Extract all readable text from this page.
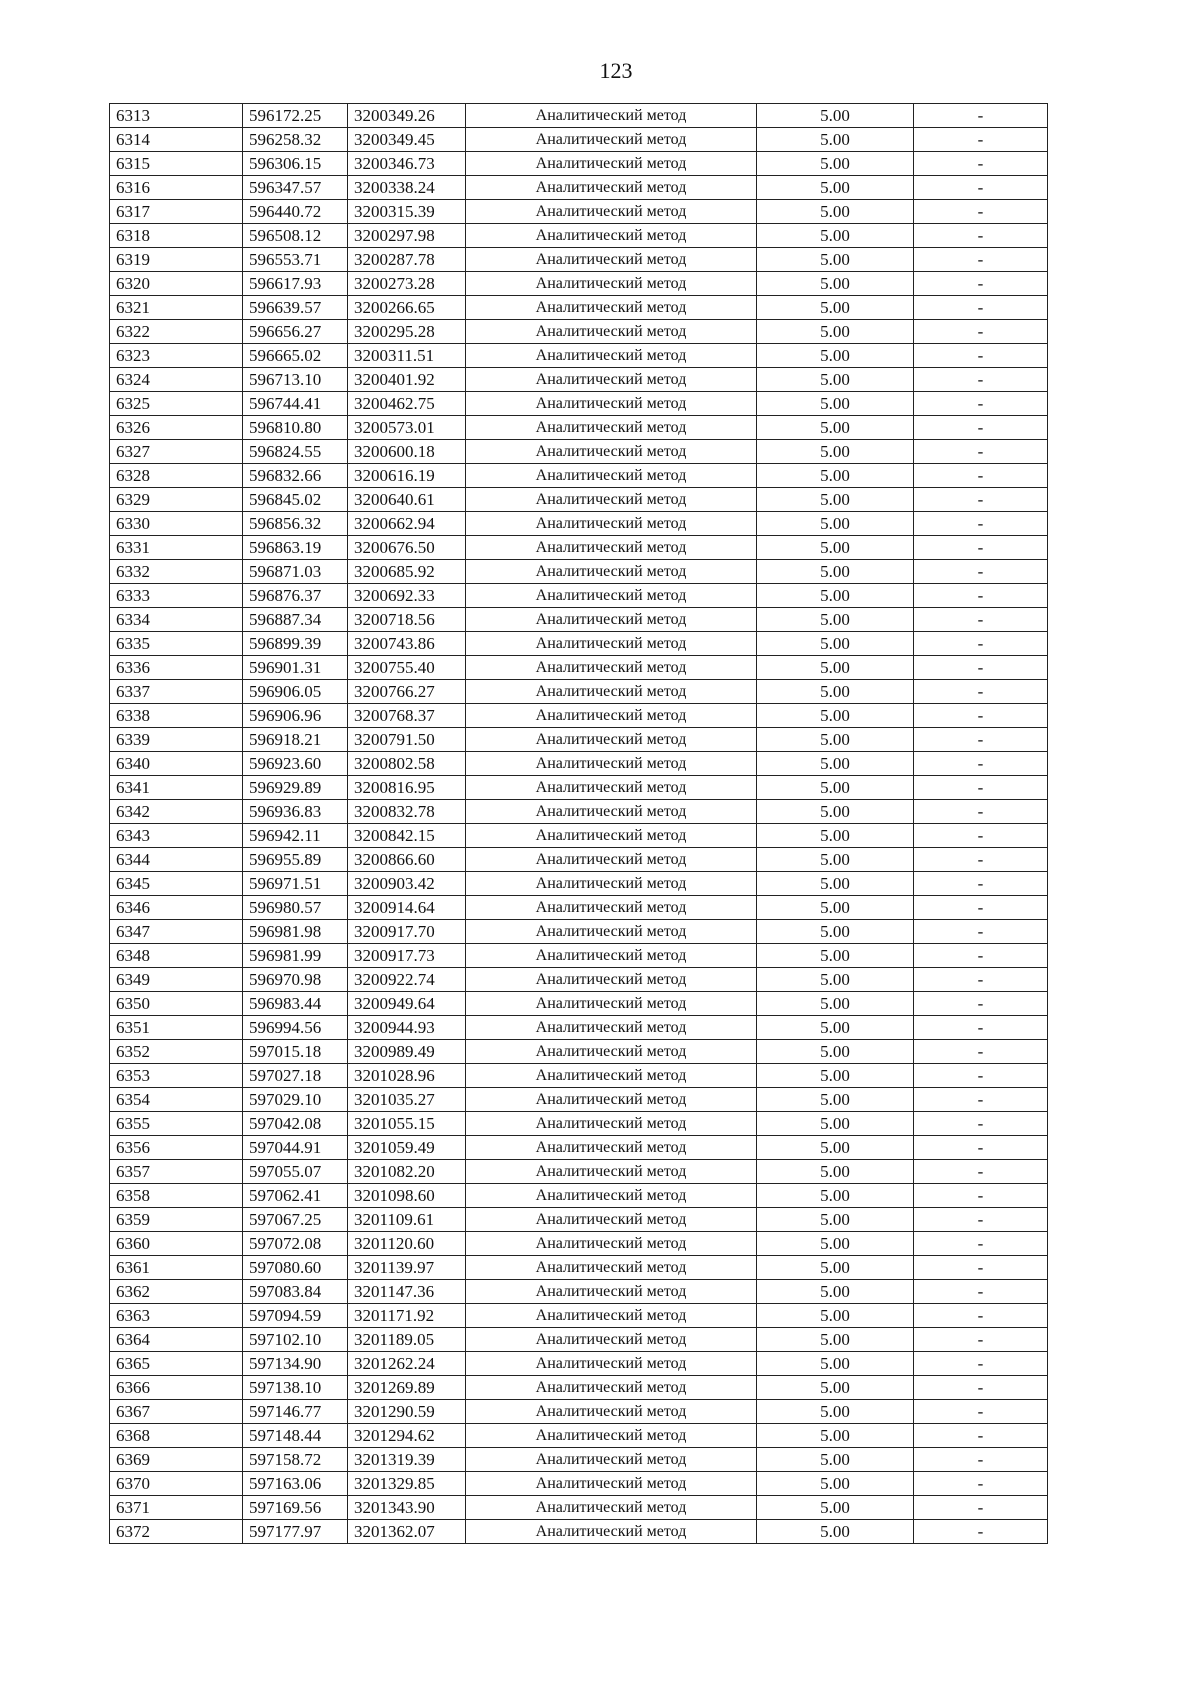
123
6313	596172.25	3200349.26	Аналитический метод	5.00	-
6314	596258.32	3200349.45	Аналитический метод	5.00	-
6315	596306.15	3200346.73	Аналитический метод	5.00	-
6316	596347.57	3200338.24	Аналитический метод	5.00	-
6317	596440.72	3200315.39	Аналитический метод	5.00	-
6318	596508.12	3200297.98	Аналитический метод	5.00	-
6319	596553.71	3200287.78	Аналитический метод	5.00	-
6320	596617.93	3200273.28	Аналитический метод	5.00	-
6321	596639.57	3200266.65	Аналитический метод	5.00	-
6322	596656.27	3200295.28	Аналитический метод	5.00	-
6323	596665.02	3200311.51	Аналитический метод	5.00	-
6324	596713.10	3200401.92	Аналитический метод	5.00	-
6325	596744.41	3200462.75	Аналитический метод	5.00	-
6326	596810.80	3200573.01	Аналитический метод	5.00	-
6327	596824.55	3200600.18	Аналитический метод	5.00	-
6328	596832.66	3200616.19	Аналитический метод	5.00	-
6329	596845.02	3200640.61	Аналитический метод	5.00	-
6330	596856.32	3200662.94	Аналитический метод	5.00	-
6331	596863.19	3200676.50	Аналитический метод	5.00	-
6332	596871.03	3200685.92	Аналитический метод	5.00	-
6333	596876.37	3200692.33	Аналитический метод	5.00	-
6334	596887.34	3200718.56	Аналитический метод	5.00	-
6335	596899.39	3200743.86	Аналитический метод	5.00	-
6336	596901.31	3200755.40	Аналитический метод	5.00	-
6337	596906.05	3200766.27	Аналитический метод	5.00	-
6338	596906.96	3200768.37	Аналитический метод	5.00	-
6339	596918.21	3200791.50	Аналитический метод	5.00	-
6340	596923.60	3200802.58	Аналитический метод	5.00	-
6341	596929.89	3200816.95	Аналитический метод	5.00	-
6342	596936.83	3200832.78	Аналитический метод	5.00	-
6343	596942.11	3200842.15	Аналитический метод	5.00	-
6344	596955.89	3200866.60	Аналитический метод	5.00	-
6345	596971.51	3200903.42	Аналитический метод	5.00	-
6346	596980.57	3200914.64	Аналитический метод	5.00	-
6347	596981.98	3200917.70	Аналитический метод	5.00	-
6348	596981.99	3200917.73	Аналитический метод	5.00	-
6349	596970.98	3200922.74	Аналитический метод	5.00	-
6350	596983.44	3200949.64	Аналитический метод	5.00	-
6351	596994.56	3200944.93	Аналитический метод	5.00	-
6352	597015.18	3200989.49	Аналитический метод	5.00	-
6353	597027.18	3201028.96	Аналитический метод	5.00	-
6354	597029.10	3201035.27	Аналитический метод	5.00	-
6355	597042.08	3201055.15	Аналитический метод	5.00	-
6356	597044.91	3201059.49	Аналитический метод	5.00	-
6357	597055.07	3201082.20	Аналитический метод	5.00	-
6358	597062.41	3201098.60	Аналитический метод	5.00	-
6359	597067.25	3201109.61	Аналитический метод	5.00	-
6360	597072.08	3201120.60	Аналитический метод	5.00	-
6361	597080.60	3201139.97	Аналитический метод	5.00	-
6362	597083.84	3201147.36	Аналитический метод	5.00	-
6363	597094.59	3201171.92	Аналитический метод	5.00	-
6364	597102.10	3201189.05	Аналитический метод	5.00	-
6365	597134.90	3201262.24	Аналитический метод	5.00	-
6366	597138.10	3201269.89	Аналитический метод	5.00	-
6367	597146.77	3201290.59	Аналитический метод	5.00	-
6368	597148.44	3201294.62	Аналитический метод	5.00	-
6369	597158.72	3201319.39	Аналитический метод	5.00	-
6370	597163.06	3201329.85	Аналитический метод	5.00	-
6371	597169.56	3201343.90	Аналитический метод	5.00	-
6372	597177.97	3201362.07	Аналитический метод	5.00	-
